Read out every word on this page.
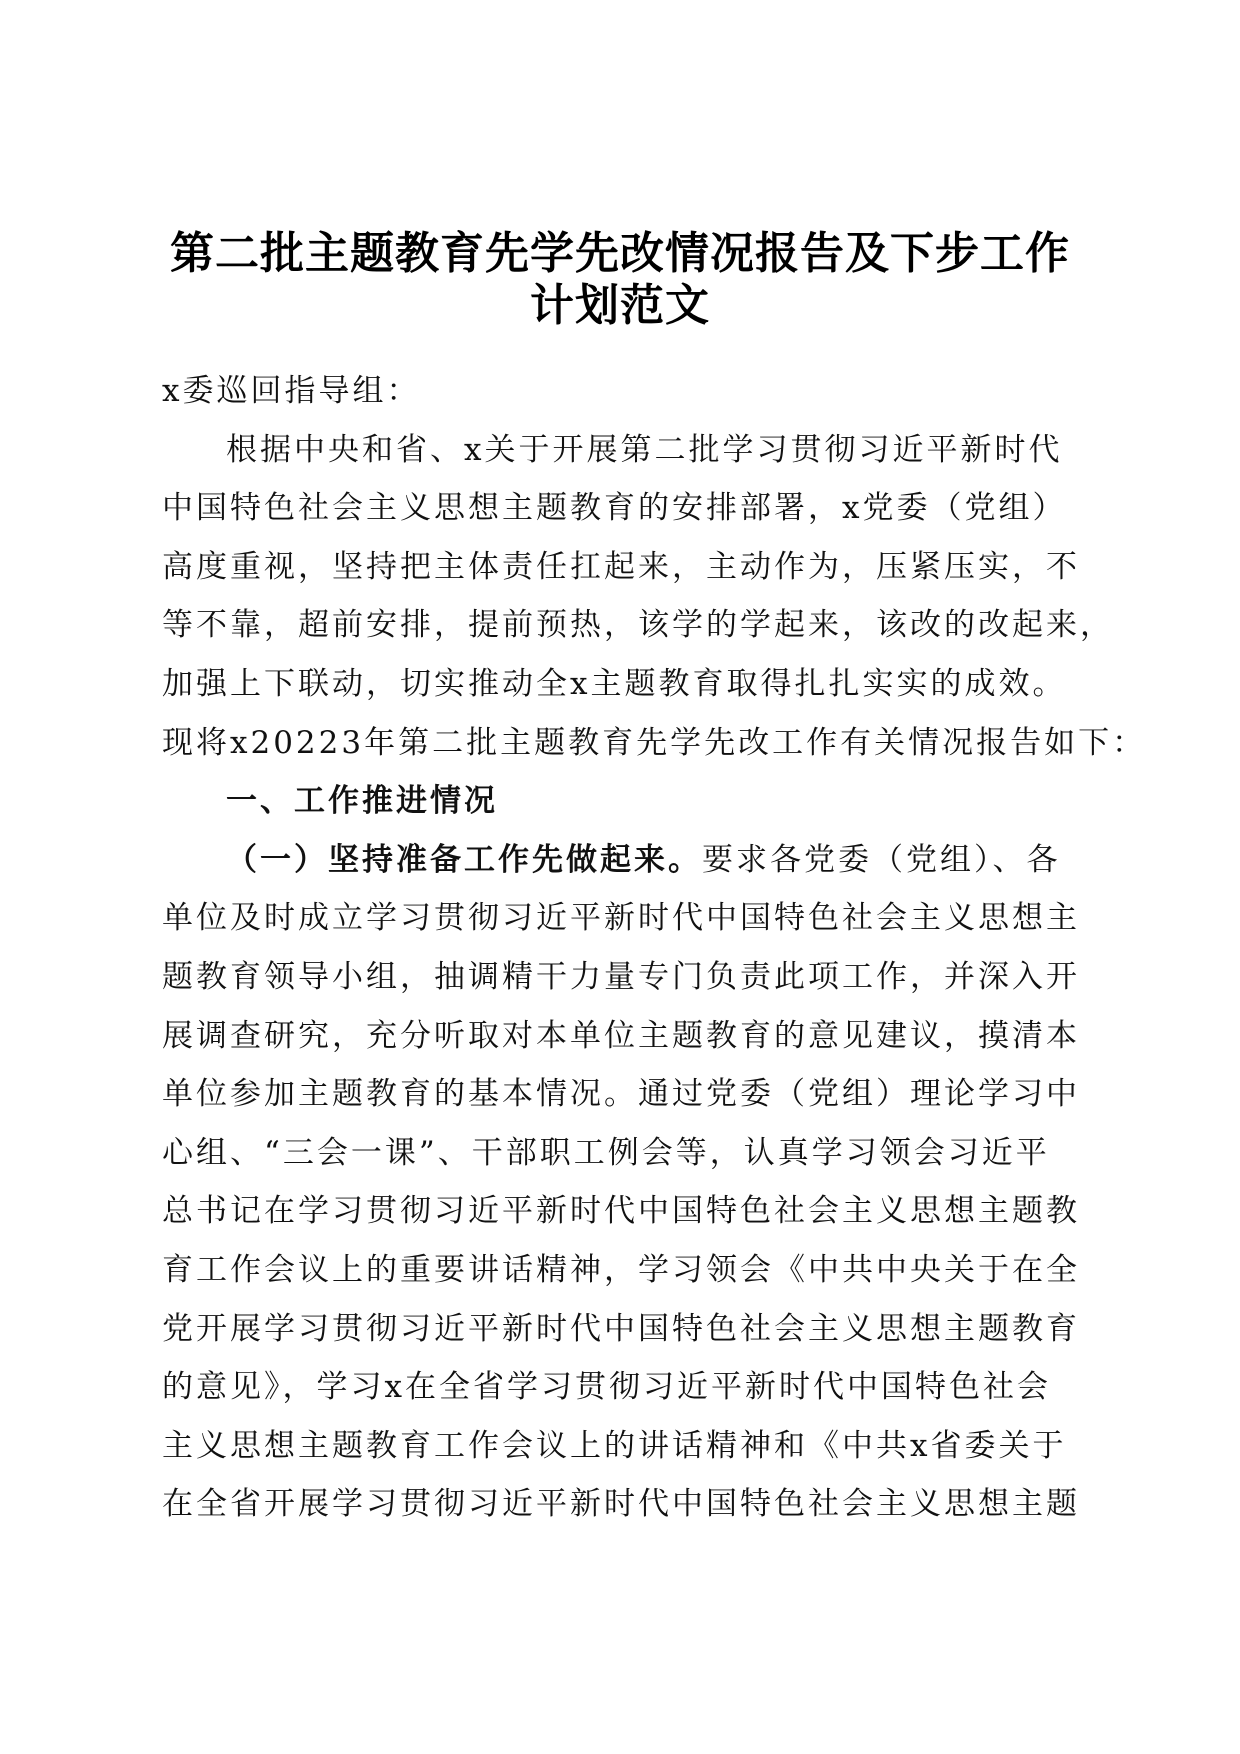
第二批主题教育先学先改情况报告及下步工作
计划范文
x委巡回指导组：
根据中央和省、x关于开展第二批学习贯彻习近平新时代
中国特色社会主义思想主题教育的安排部署，x党委（党组）
高度重视，坚持把主体责任扛起来，主动作为，压紧压实，不
等不靠，超前安排，提前预热，该学的学起来，该改的改起来，
加强上下联动，切实推动全x主题教育取得扎扎实实的成效。
现将x20223年第二批主题教育先学先改工作有关情况报告如下：
一、工作推进情况
（一）坚持准备工作先做起来。要求各党委（党组）、各
单位及时成立学习贯彻习近平新时代中国特色社会主义思想主
题教育领导小组，抽调精干力量专门负责此项工作，并深入开
展调查研究，充分听取对本单位主题教育的意见建议，摸清本
单位参加主题教育的基本情况。通过党委（党组）理论学习中
心组、“三会一课”、干部职工例会等，认真学习领会习近平
总书记在学习贯彻习近平新时代中国特色社会主义思想主题教
育工作会议上的重要讲话精神，学习领会《中共中央关于在全
党开展学习贯彻习近平新时代中国特色社会主义思想主题教育
的意见》，学习x在全省学习贯彻习近平新时代中国特色社会
主义思想主题教育工作会议上的讲话精神和《中共x省委关于
在全省开展学习贯彻习近平新时代中国特色社会主义思想主题
